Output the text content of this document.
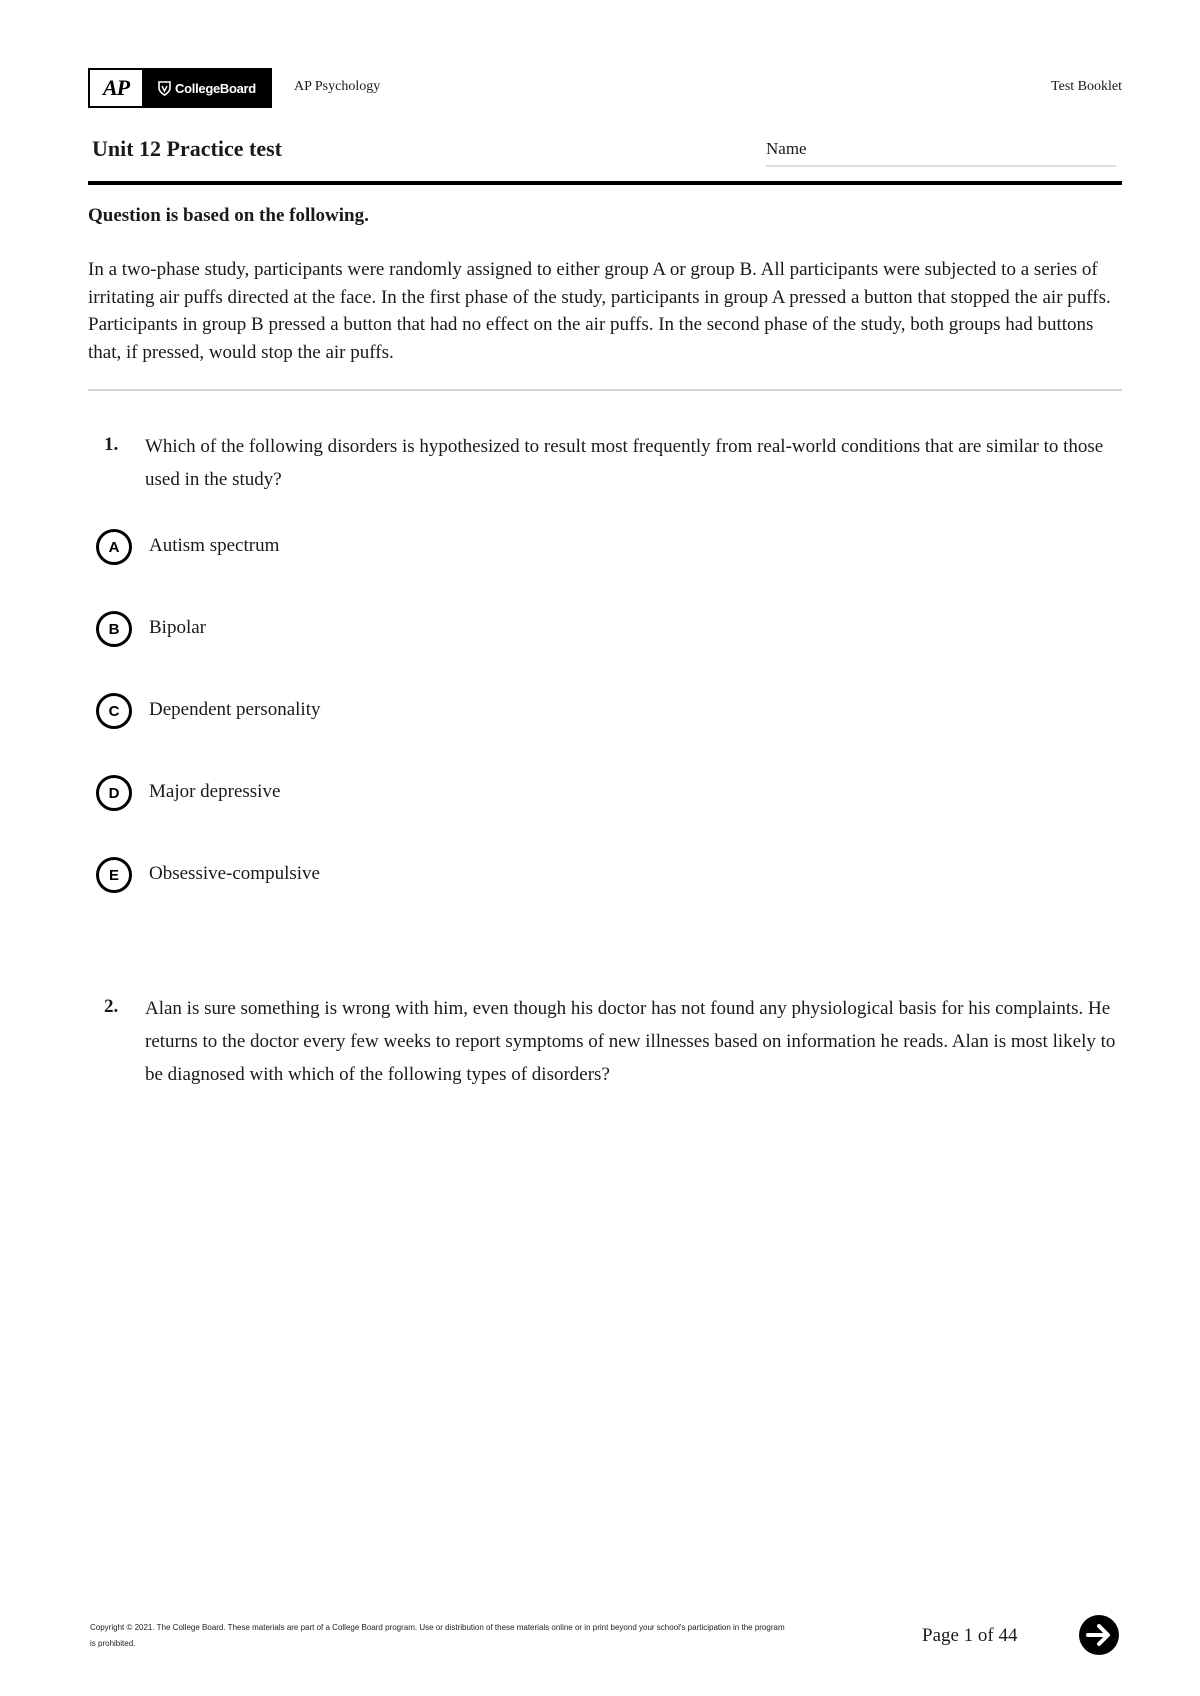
AP	CollegeBoard	AP Psychology	Test Booklet
Unit 12 Practice test	Name
Question is based on the following.
In a two-phase study, participants were randomly assigned to either group A or group B. All participants were subjected to a series of irritating air puffs directed at the face. In the first phase of the study, participants in group A pressed a button that stopped the air puffs. Participants in group B pressed a button that had no effect on the air puffs. In the second phase of the study, both groups had buttons that, if pressed, would stop the air puffs.
1. Which of the following disorders is hypothesized to result most frequently from real-world conditions that are similar to those used in the study?
A	Autism spectrum
B	Bipolar
C	Dependent personality
D	Major depressive
E	Obsessive-compulsive
2. Alan is sure something is wrong with him, even though his doctor has not found any physiological basis for his complaints. He returns to the doctor every few weeks to report symptoms of new illnesses based on information he reads. Alan is most likely to be diagnosed with which of the following types of disorders?
Copyright © 2021. The College Board. These materials are part of a College Board program. Use or distribution of these materials online or in print beyond your school's participation in the program is prohibited.	Page 1 of 44
